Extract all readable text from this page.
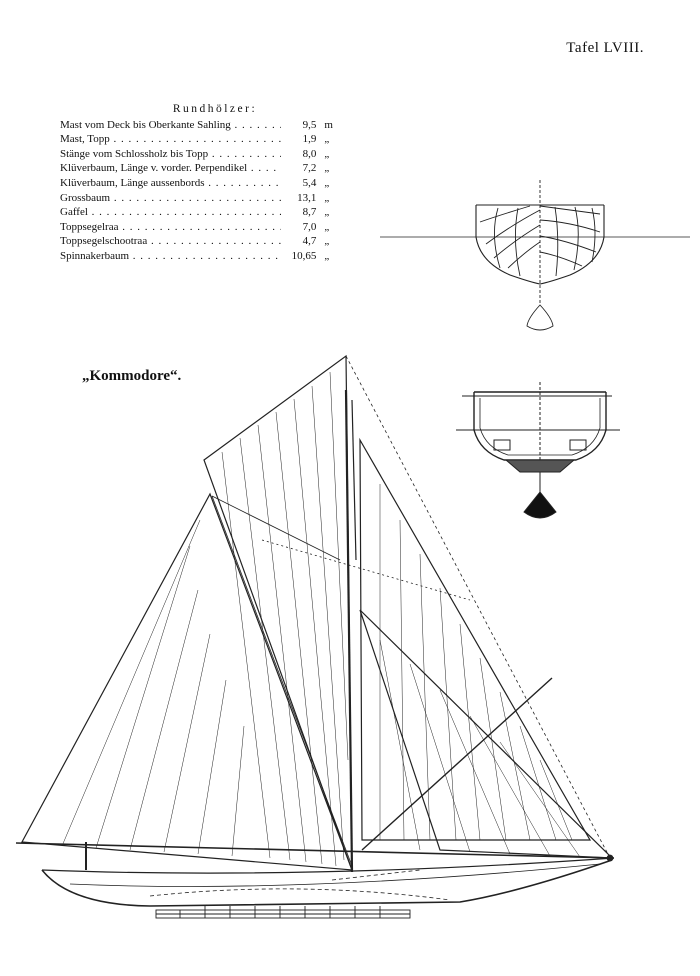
Tafel LVIII.
Rundhölzer:
Mast vom Deck bis Oberkante Sahling . . .	9,5 m
Mast, Topp . . .	1,9 „
Stänge vom Schlossholz bis Topp . . .	8,0 „
Klüverbaum, Länge v. vorder. Perpendikel . . .	7,2 „
Klüverbaum, Länge aussenbords . . .	5,4 „
Grossbaum . . .	13,1 „
Gaffel . . .	8,7 „
Toppsegelraa . . .	7,0 „
Toppsegelschootraa . . .	4,7 „
Spinnakerbaum . . .	10,65 „
„Kommodore“.
